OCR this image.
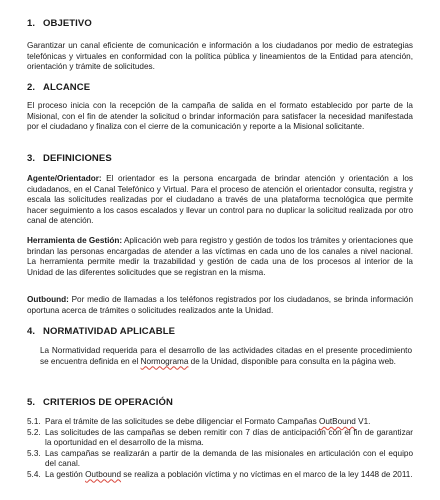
1. OBJETIVO

Garantizar un canal eficiente de comunicación e información a los ciudadanos por medio de estrategias telefónicas y virtuales en conformidad con la política pública y lineamientos de la Entidad para atención, orientación y trámite de solicitudes.

2. ALCANCE

El proceso inicia con la recepción de la campaña de salida en el formato establecido por parte de la Misional, con el fin de atender la solicitud o brindar información para satisfacer la necesidad manifestada por el ciudadano y finaliza con el cierre de la comunicación y reporte a la Misional solicitante.

3. DEFINICIONES

Agente/Orientador: El orientador es la persona encargada de brindar atención y orientación a los ciudadanos, en el Canal Telefónico y Virtual. Para el proceso de atención el orientador consulta, registra y escala las solicitudes realizadas por el ciudadano a través de una plataforma tecnológica que permite hacer seguimiento a los casos escalados y llevar un control para no duplicar la solicitud realizada por otro canal de atención.

Herramienta de Gestión: Aplicación web para registro y gestión de todos los trámites y orientaciones que brindan las personas encargadas de atender a las víctimas en cada uno de los canales a nivel nacional. La herramienta permite medir la trazabilidad y gestión de cada una de los procesos al interior de la Unidad de las diferentes solicitudes que se registran en la misma.

Outbound: Por medio de llamadas a los teléfonos registrados por los ciudadanos, se brinda información oportuna acerca de trámites o solicitudes realizados ante la Unidad.

4. NORMATIVIDAD APLICABLE

La Normatividad requerida para el desarrollo de las actividades citadas en el presente procedimiento se encuentra definida en el Normograma de la Unidad, disponible para consulta en la página web.

5. CRITERIOS DE OPERACIÓN
5.1. Para el trámite de las solicitudes se debe diligenciar el Formato Campañas OutBound V1.
5.2. Las solicitudes de las campañas se deben remitir con 7 días de anticipación con el fin de garantizar la oportunidad en el desarrollo de la misma.
5.3. Las campañas se realizarán a partir de la demanda de las misionales en articulación con el equipo del canal.
5.4. La gestión Outbound se realiza a población víctima y no víctimas en el marco de la ley 1448 de 2011.
